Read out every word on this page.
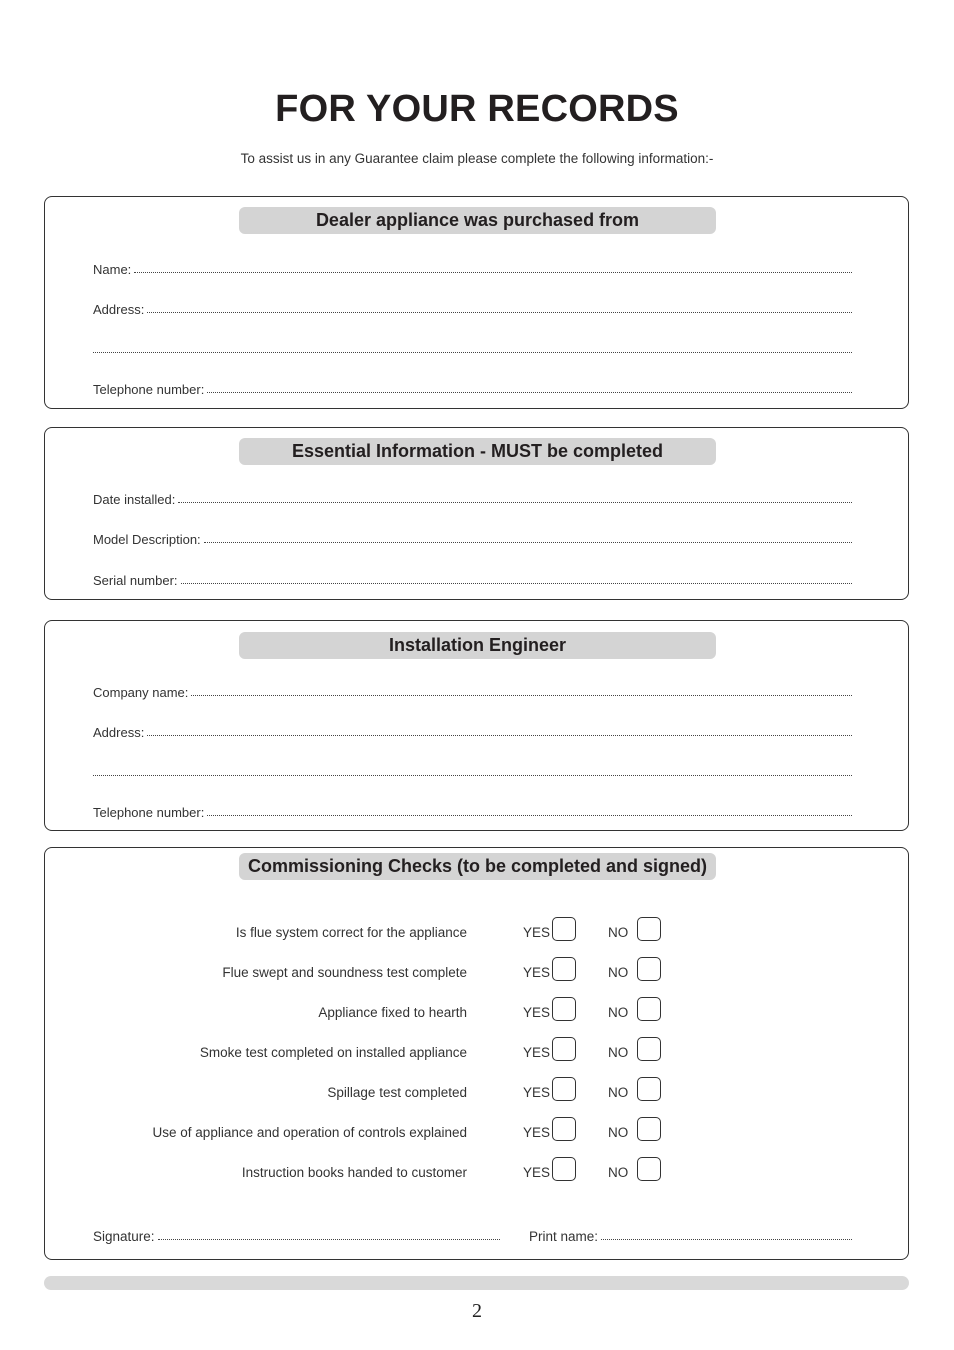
FOR YOUR RECORDS
To assist us in any Guarantee claim please complete the following information:-
Dealer appliance was purchased from
Name:
Address:
Telephone number:
Essential Information - MUST be completed
Date installed:
Model Description:
Serial number:
Installation Engineer
Company name:
Address:
Telephone number:
Commissioning Checks (to be completed and signed)
Is flue system correct for the appliance	YES	NO
Flue swept and soundness test complete	YES	NO
Appliance fixed to hearth	YES	NO
Smoke test completed on installed appliance	YES	NO
Spillage test completed	YES	NO
Use of appliance and operation of controls explained	YES	NO
Instruction books handed to customer	YES	NO
Signature:	Print name:
2
